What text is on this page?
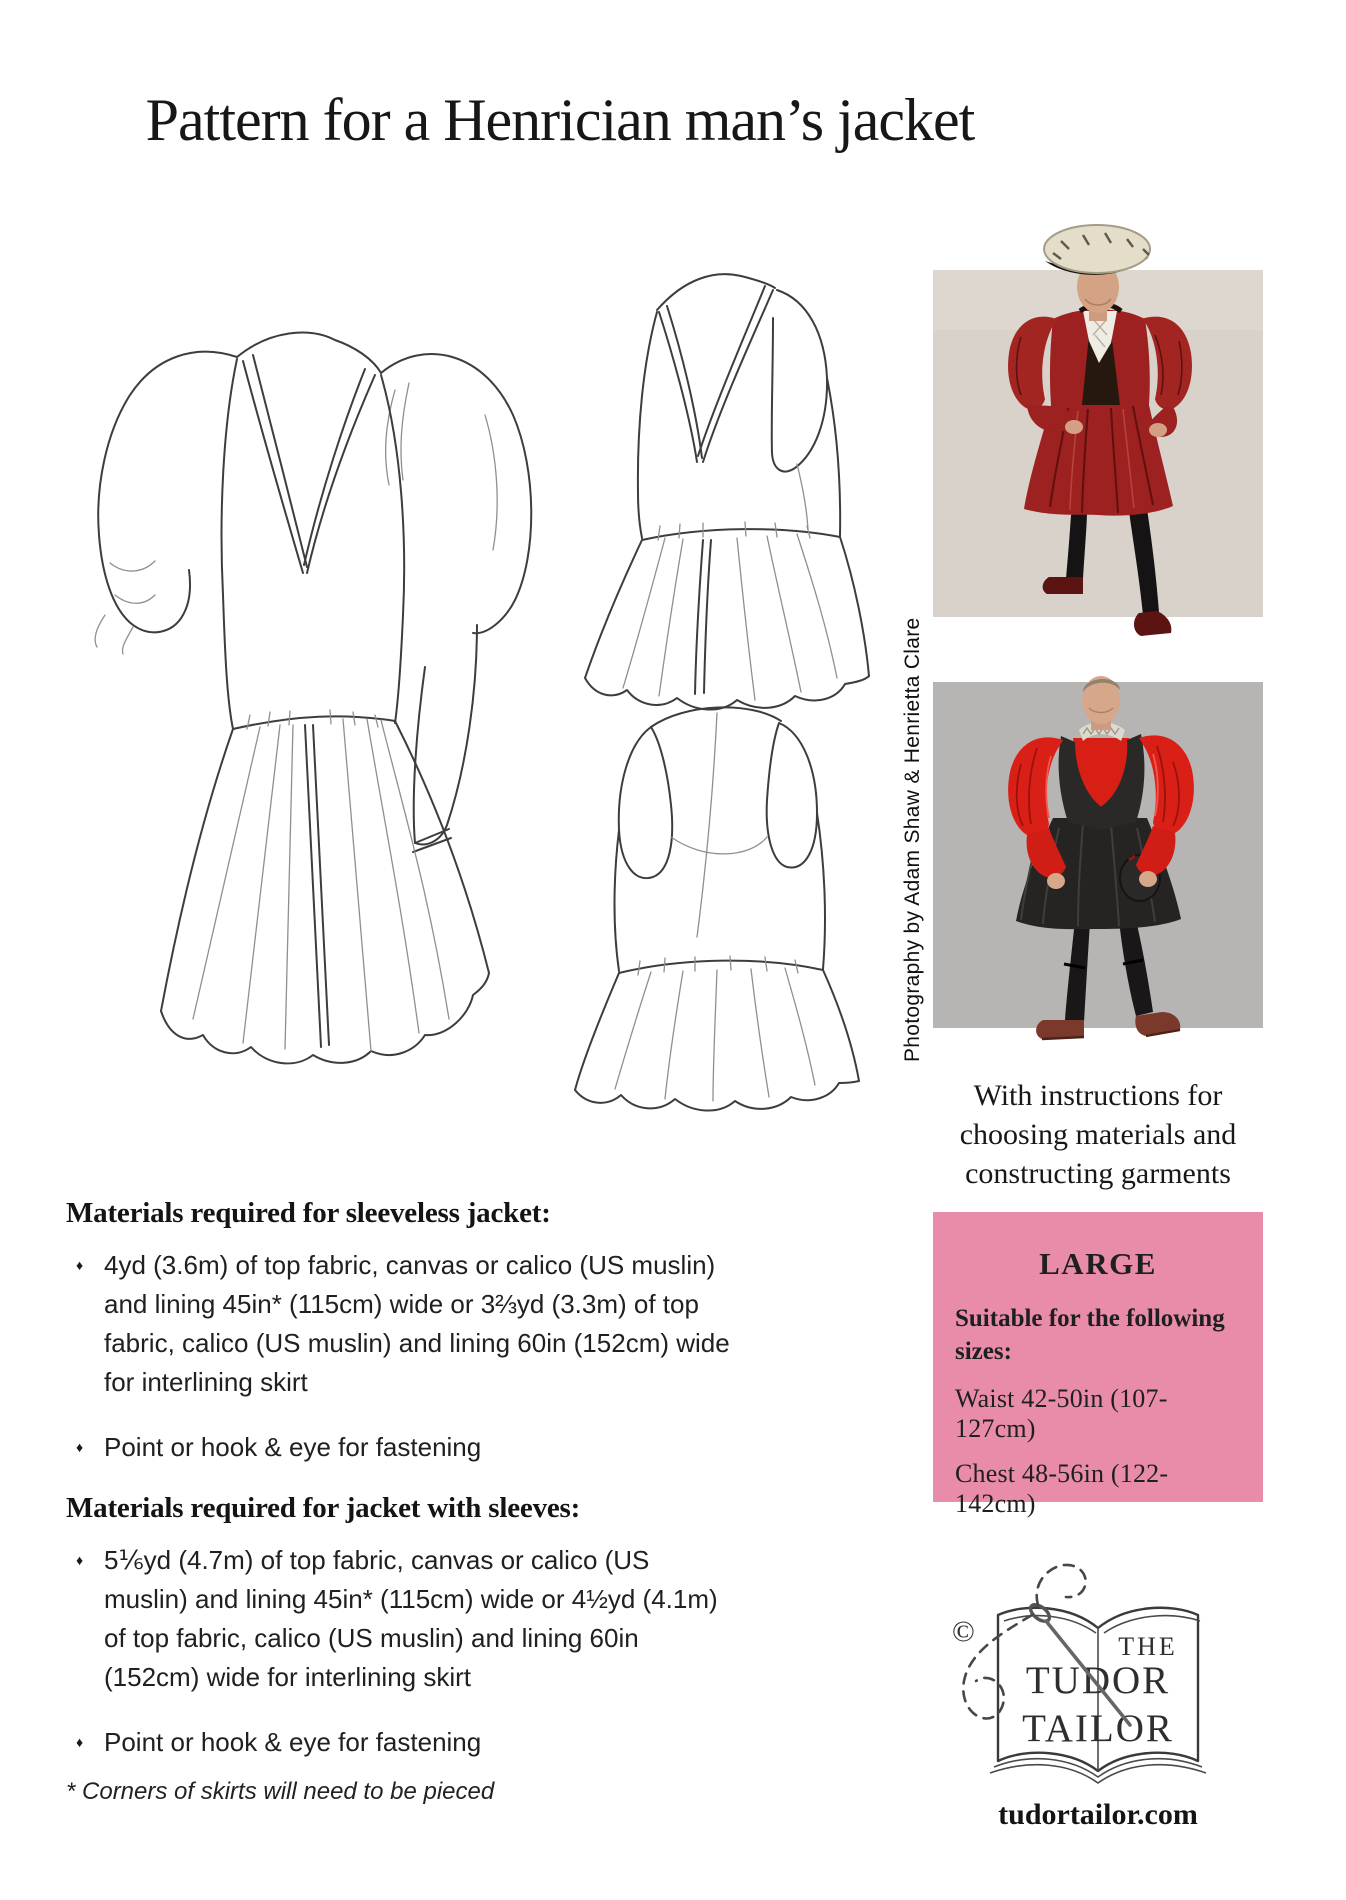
Pattern for a Henrician man’s jacket
Photography by Adam Shaw & Henrietta Clare
With instructions for choosing materials and constructing garments
LARGE
Suitable for the following sizes:
Waist 42-50in (107-127cm)
Chest 48-56in (122-142cm)
Materials required for sleeveless jacket:
♦ 4yd (3.6m) of top fabric, canvas or calico (US muslin) and lining 45in* (115cm) wide or 3⅔yd (3.3m) of top fabric, calico (US muslin) and lining 60in (152cm) wide for interlining skirt
♦ Point or hook & eye for fastening
Materials required for jacket with sleeves:
♦ 5⅙yd (4.7m) of top fabric, canvas or calico (US muslin) and lining 45in* (115cm) wide or 4½yd (4.1m) of top fabric, calico (US muslin) and lining 60in (152cm) wide for interlining skirt
♦ Point or hook & eye for fastening
* Corners of skirts will need to be pieced
©	THE
TUDOR
TAILOR
tudortailor.com
